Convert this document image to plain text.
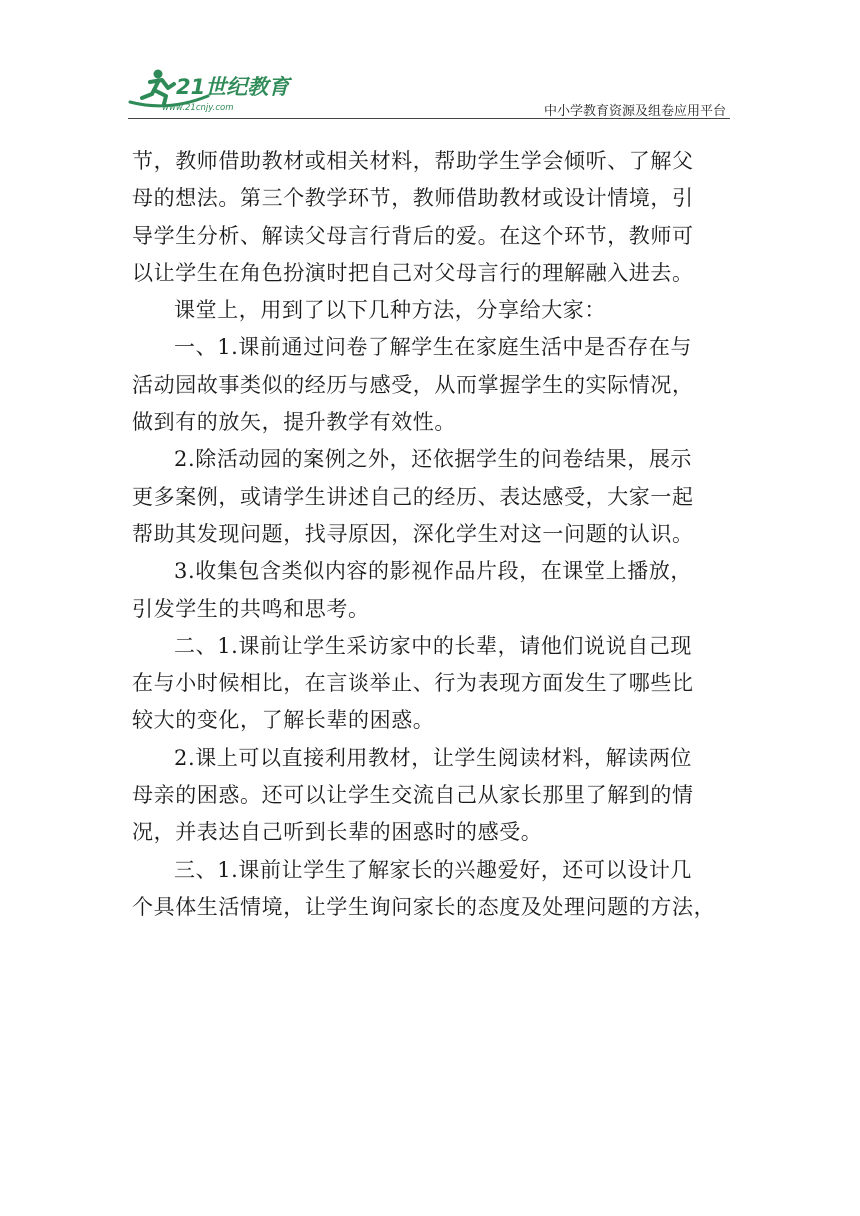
21世纪教育
www.21cnjy.com	中小学教育资源及组卷应用平台
节，教师借助教材或相关材料，帮助学生学会倾听、了解父
母的想法。第三个教学环节，教师借助教材或设计情境，引
导学生分析、解读父母言行背后的爱。在这个环节，教师可
以让学生在角色扮演时把自己对父母言行的理解融入进去。
课堂上，用到了以下几种方法，分享给大家：
一、1.课前通过问卷了解学生在家庭生活中是否存在与
活动园故事类似的经历与感受，从而掌握学生的实际情况，
做到有的放矢，提升教学有效性。
2.除活动园的案例之外，还依据学生的问卷结果，展示
更多案例，或请学生讲述自己的经历、表达感受，大家一起
帮助其发现问题，找寻原因，深化学生对这一问题的认识。
3.收集包含类似内容的影视作品片段，在课堂上播放，
引发学生的共鸣和思考。
二、1.课前让学生采访家中的长辈，请他们说说自己现
在与小时候相比，在言谈举止、行为表现方面发生了哪些比
较大的变化，了解长辈的困惑。
2.课上可以直接利用教材，让学生阅读材料，解读两位
母亲的困惑。还可以让学生交流自己从家长那里了解到的情
况，并表达自己听到长辈的困惑时的感受。
三、1.课前让学生了解家长的兴趣爱好，还可以设计几
个具体生活情境，让学生询问家长的态度及处理问题的方法，
